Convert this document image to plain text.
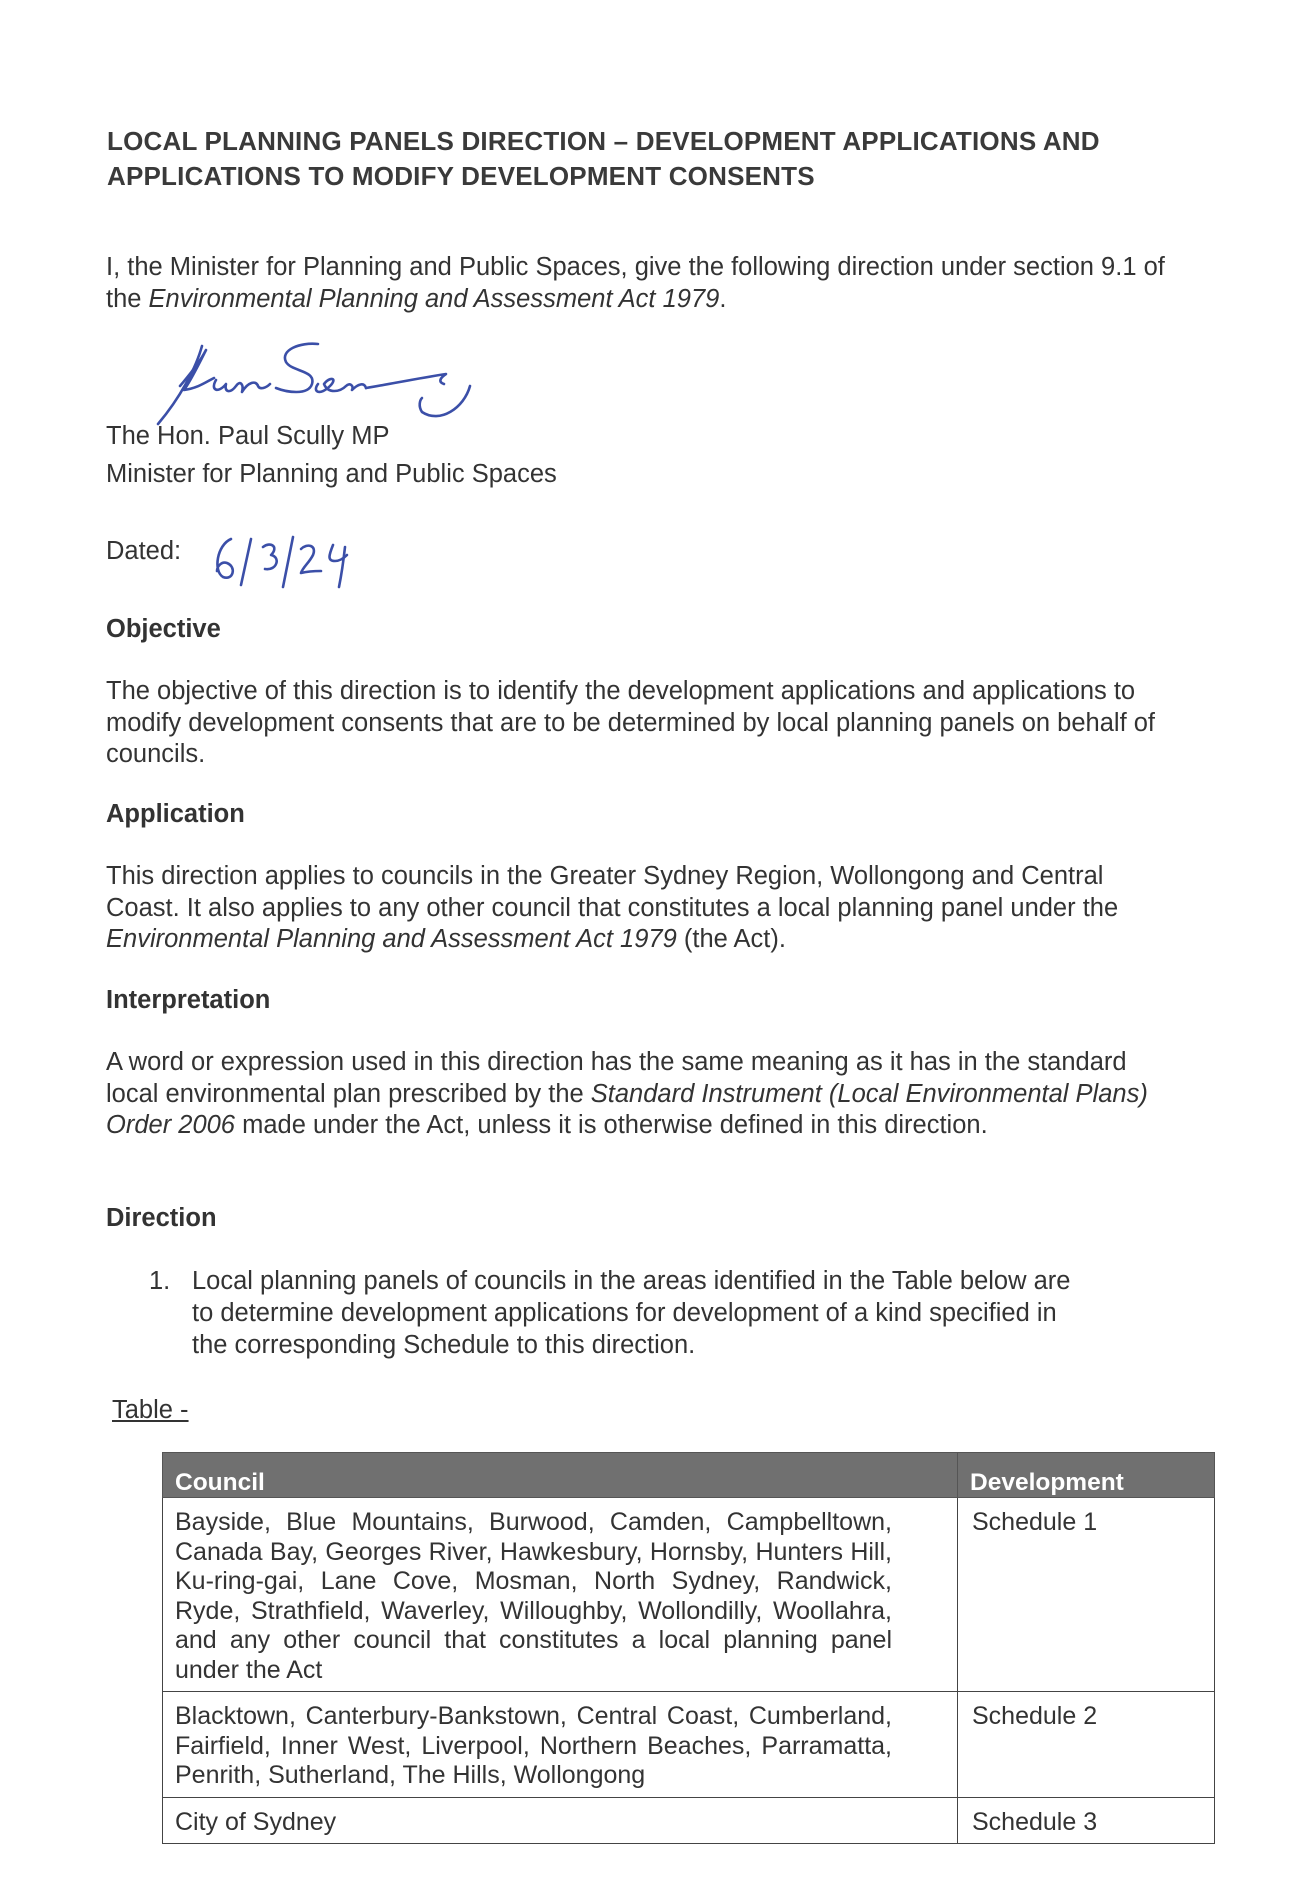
LOCAL PLANNING PANELS DIRECTION – DEVELOPMENT APPLICATIONS AND APPLICATIONS TO MODIFY DEVELOPMENT CONSENTS

I, the Minister for Planning and Public Spaces, give the following direction under section 9.1 of the Environmental Planning and Assessment Act 1979.

The Hon. Paul Scully MP
Minister for Planning and Public Spaces
Dated:
Objective

The objective of this direction is to identify the development applications and applications to modify development consents that are to be determined by local planning panels on behalf of councils.

Application

This direction applies to councils in the Greater Sydney Region, Wollongong and Central Coast. It also applies to any other council that constitutes a local planning panel under the Environmental Planning and Assessment Act 1979 (the Act).

Interpretation

A word or expression used in this direction has the same meaning as it has in the standard local environmental plan prescribed by the Standard Instrument (Local Environmental Plans) Order 2006 made under the Act, unless it is otherwise defined in this direction.

Direction
1. Local planning panels of councils in the areas identified in the Table below are to determine development applications for development of a kind specified in the corresponding Schedule to this direction.
Table -
Council	Development

Bayside, Blue Mountains, Burwood, Camden, Campbelltown, Canada Bay, Georges River, Hawkesbury, Hornsby, Hunters Hill, Ku-ring-gai, Lane Cove, Mosman, North Sydney, Randwick, Ryde, Strathfield, Waverley, Willoughby, Wollondilly, Woollahra, and any other council that constitutes a local planning panel under the Act	Schedule 1

Blacktown, Canterbury-Bankstown, Central Coast, Cumberland, Fairfield, Inner West, Liverpool, Northern Beaches, Parramatta, Penrith, Sutherland, The Hills, Wollongong	Schedule 2

City of Sydney	Schedule 3
